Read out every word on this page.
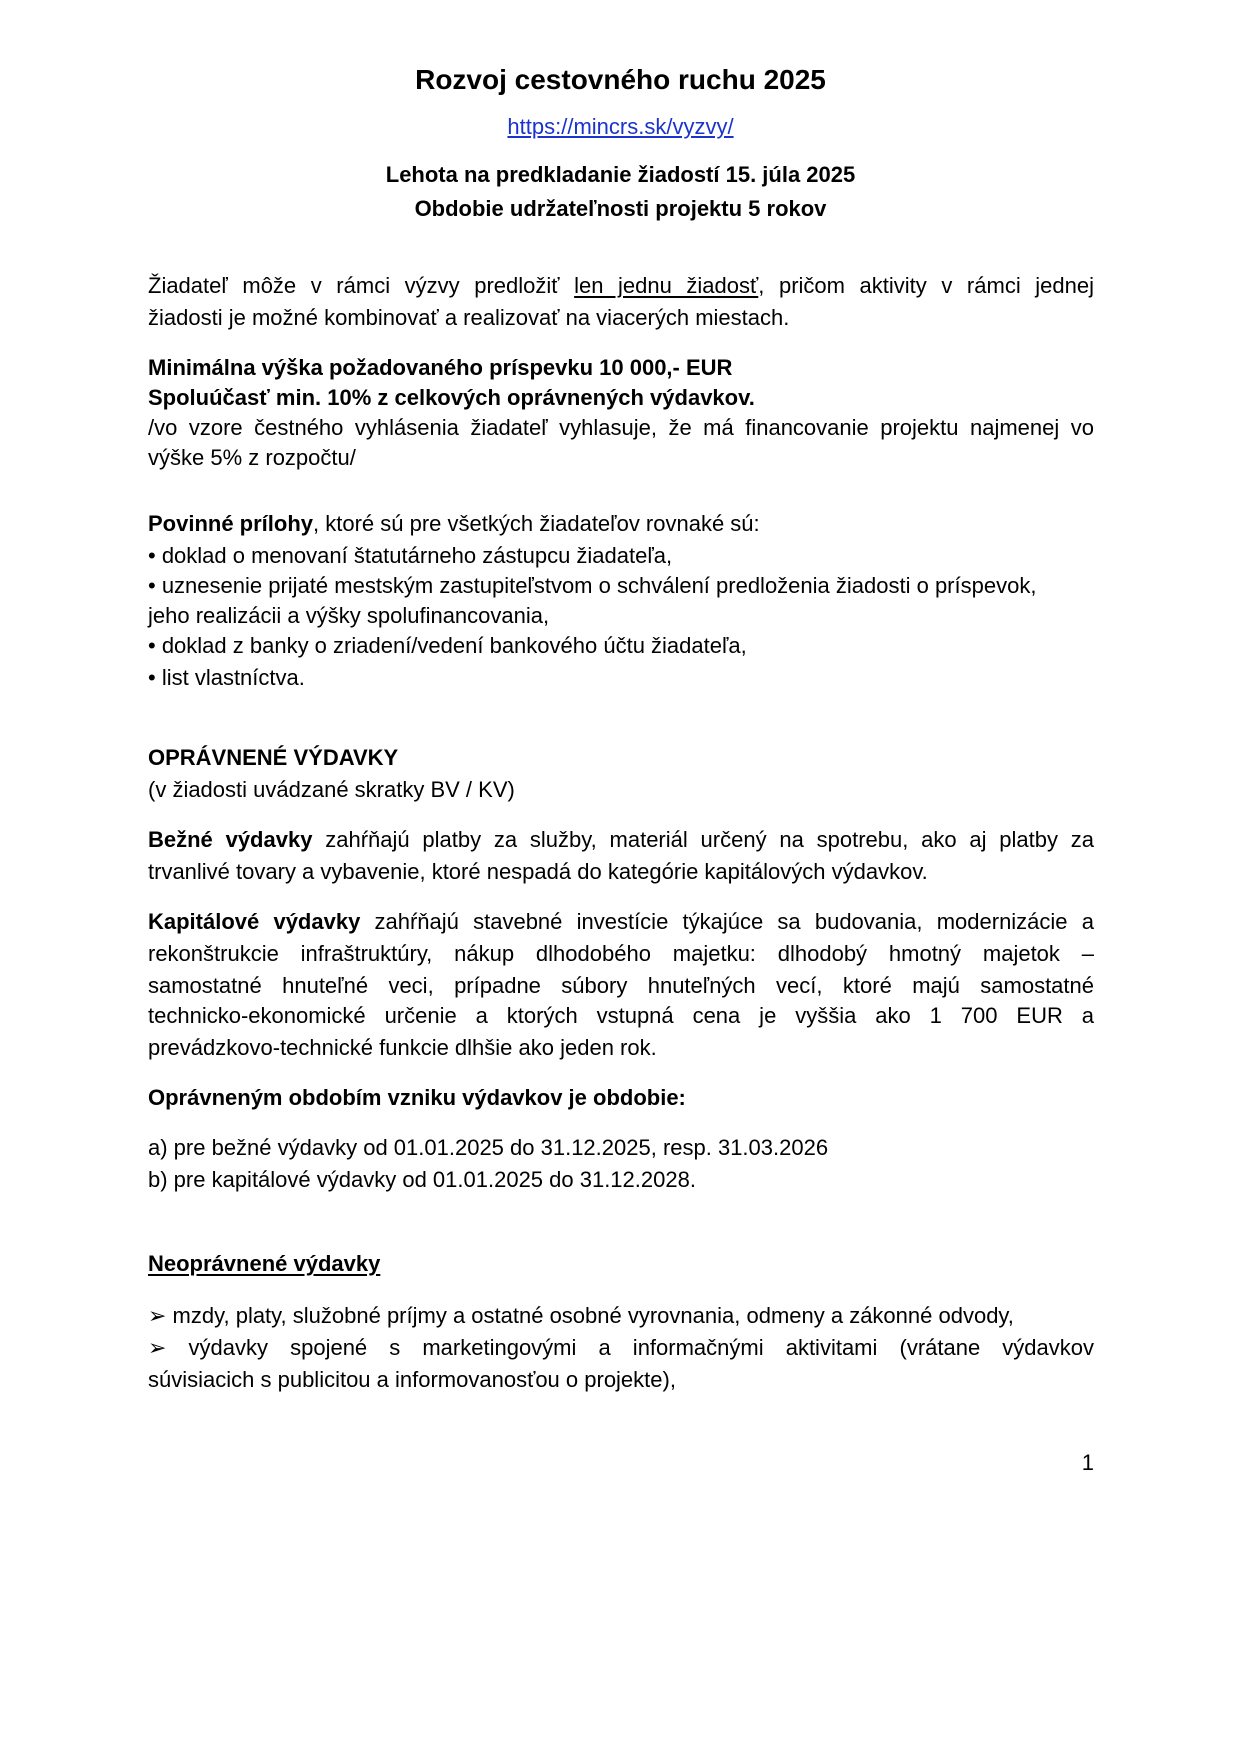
Rozvoj cestovného ruchu 2025

https://mincrs.sk/vyzvy/

Lehota na predkladanie žiadostí 15. júla 2025

Obdobie udržateľnosti projektu 5 rokov

Žiadateľ môže v rámci výzvy predložiť len jednu žiadosť, pričom aktivity v rámci jednej

žiadosti je možné kombinovať a realizovať na viacerých miestach.

Minimálna výška požadovaného príspevku 10 000,- EUR

Spoluúčasť min. 10% z celkových oprávnených výdavkov.

/vo vzore čestného vyhlásenia žiadateľ vyhlasuje, že má financovanie projektu najmenej vo

výške 5% z rozpočtu/

Povinné prílohy, ktoré sú pre všetkých žiadateľov rovnaké sú:

• doklad o menovaní štatutárneho zástupcu žiadateľa,

• uznesenie prijaté mestským zastupiteľstvom o schválení predloženia žiadosti o príspevok,

jeho realizácii a výšky spolufinancovania,

• doklad z banky o zriadení/vedení bankového účtu žiadateľa,

• list vlastníctva.

OPRÁVNENÉ VÝDAVKY

(v žiadosti uvádzané skratky BV / KV)

Bežné výdavky zahŕňajú platby za služby, materiál určený na spotrebu, ako aj platby za

trvanlivé tovary a vybavenie, ktoré nespadá do kategórie kapitálových výdavkov.

Kapitálové výdavky zahŕňajú stavebné investície týkajúce sa budovania, modernizácie a

rekonštrukcie infraštruktúry, nákup dlhodobého majetku: dlhodobý hmotný majetok –

samostatné hnuteľné veci, prípadne súbory hnuteľných vecí, ktoré majú samostatné

technicko-ekonomické určenie a ktorých vstupná cena je vyššia ako 1 700 EUR a

prevádzkovo-technické funkcie dlhšie ako jeden rok.

Oprávneným obdobím vzniku výdavkov je obdobie:

a) pre bežné výdavky od 01.01.2025 do 31.12.2025, resp. 31.03.2026

b) pre kapitálové výdavky od 01.01.2025 do 31.12.2028.

Neoprávnené výdavky

➢ mzdy, platy, služobné príjmy a ostatné osobné vyrovnania, odmeny a zákonné odvody,

➢ výdavky spojené s marketingovými a informačnými aktivitami (vrátane výdavkov

súvisiacich s publicitou a informovanosťou o projekte),

1
